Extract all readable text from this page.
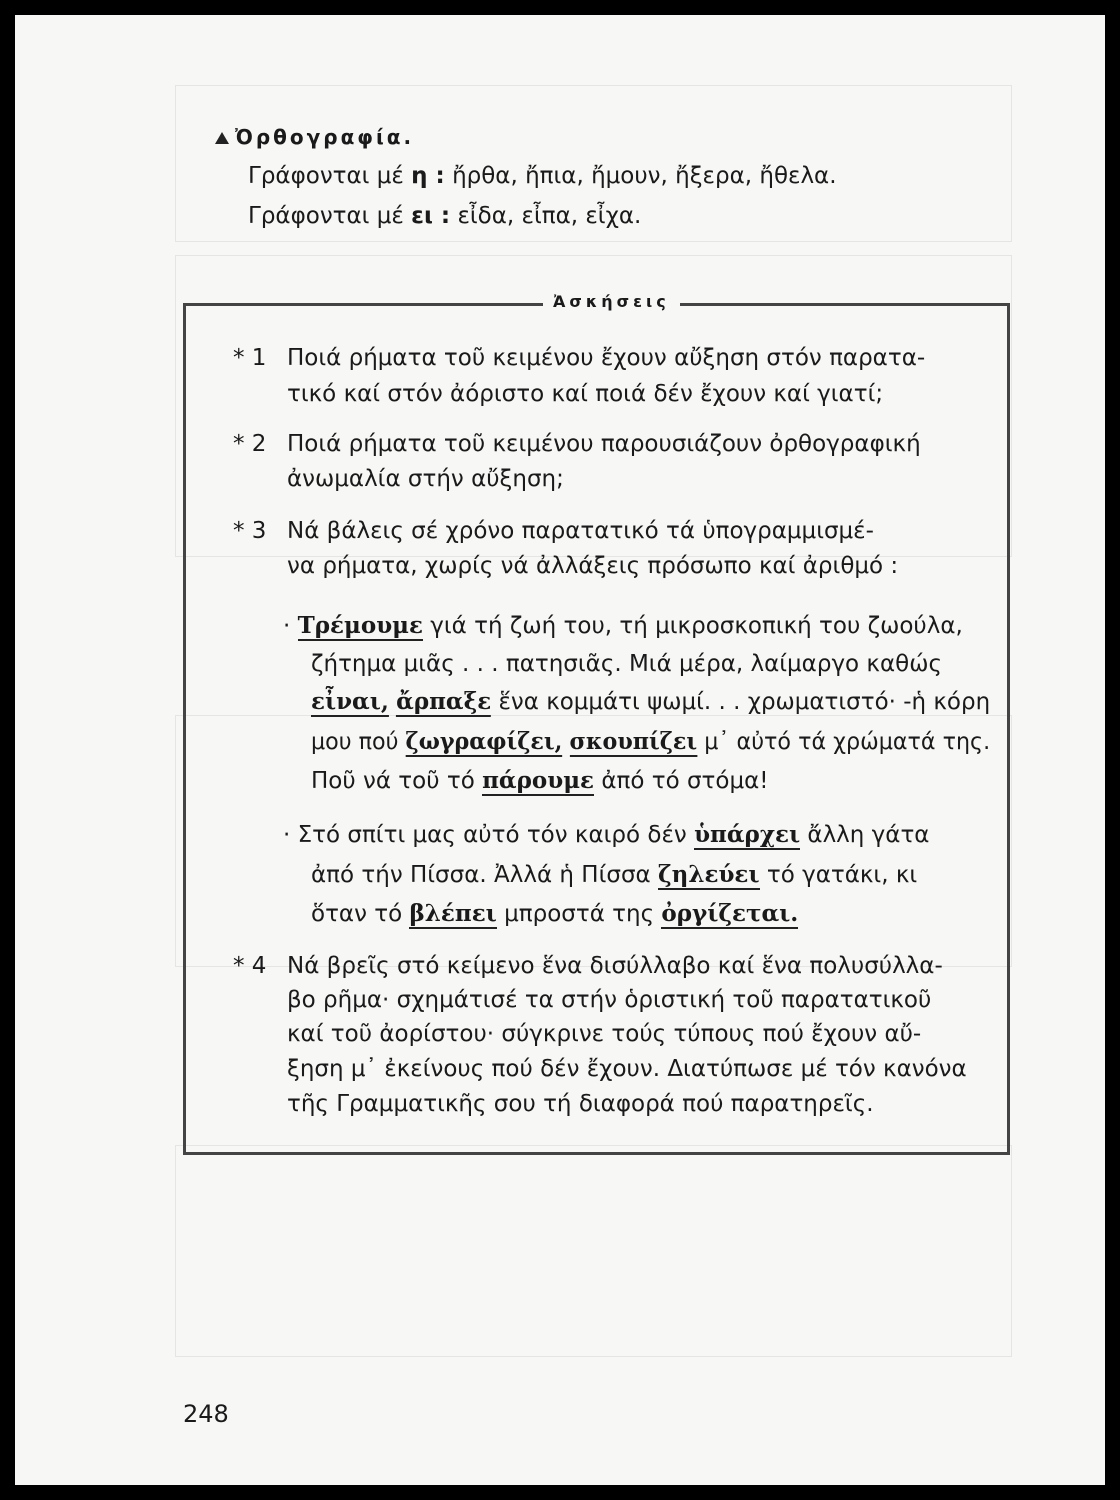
Ὀρθογραφία.
Γράφονται μέ η : ἤρθα, ἤπια, ἤμουν, ἤξερα, ἤθελα.
Γράφονται μέ ει : εἶδα, εἶπα, εἶχα.
Ἀσκήσεις
* 1 Ποιά ρήματα τοῦ κειμένου ἔχουν αὔξηση στόν παρατα-
τικό καί στόν ἀόριστο καί ποιά δέν ἔχουν καί γιατί;
* 2 Ποιά ρήματα τοῦ κειμένου παρουσιάζουν ὀρθογραφική
ἀνωμαλία στήν αὔξηση;
* 3 Νά βάλεις σέ χρόνο παρατατικό τά ὑπογραμμισμέ-
να ρήματα, χωρίς νά ἀλλάξεις πρόσωπο καί ἀριθμό :
· Τρέμουμε γιά τή ζωή του, τή μικροσκοπική του ζωούλα,
ζήτημα μιᾶς . . . πατησιᾶς. Μιά μέρα, λαίμαργο καθώς
εἶναι, ἄρπαξε ἕνα κομμάτι ψωμί. . . χρωματιστό· -ἡ κόρη
μου πού ζωγραφίζει, σκουπίζει μ᾽ αὐτό τά χρώματά της.
Ποῦ νά τοῦ τό πάρουμε ἀπό τό στόμα!
· Στό σπίτι μας αὐτό τόν καιρό δέν ὑπάρχει ἄλλη γάτα
ἀπό τήν Πίσσα. Ἀλλά ἡ Πίσσα ζηλεύει τό γατάκι, κι
ὅταν τό βλέπει μπροστά της ὀργίζεται.
* 4 Νά βρεῖς στό κείμενο ἕνα δισύλλαβο καί ἕνα πολυσύλλα-
βο ρῆμα· σχημάτισέ τα στήν ὁριστική τοῦ παρατατικοῦ
καί τοῦ ἀορίστου· σύγκρινε τούς τύπους πού ἔχουν αὔ-
ξηση μ᾽ ἐκείνους πού δέν ἔχουν. Διατύπωσε μέ τόν κανόνα
τῆς Γραμματικῆς σου τή διαφορά πού παρατηρεῖς.
248
